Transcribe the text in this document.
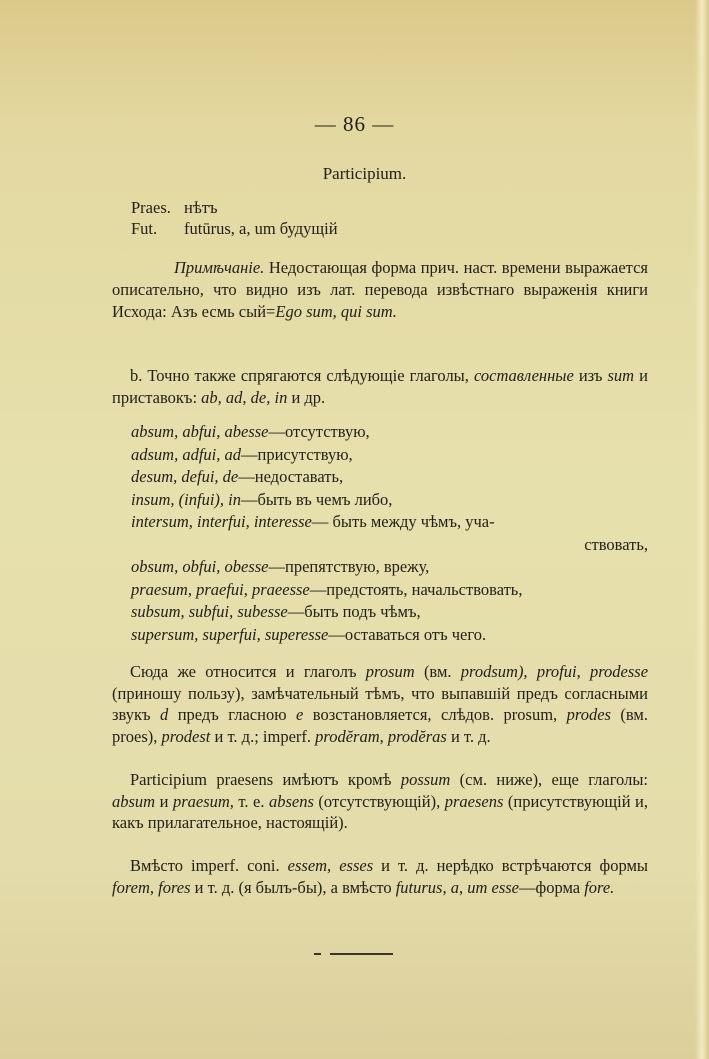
— 86 —
Participium.
Praes. нѣтъ
Fut.	futūrus, a, um будущій
Примѣчаніе. Недостающая форма прич. наст. времени выражается описательно, что видно изъ лат. перевода извѣстнаго выраженія книги Исхода: Азъ есмь сый=Ego sum, qui sum.
b. Точно также спрягаются слѣдующіе глаголы, составленные изъ sum и приставокъ: ab, ad, de, in и др.
absum, abfui, abesse—отсутствую,
adsum, adfui, ad—присутствую,
desum, defui, de—недоставать,
insum, (infui), in—быть въ чемъ либо,
intersum, interfui, interesse— быть между чѣмъ, уча-
ствовать,
obsum, obfui, obesse—препятствую, врежу,
praesum, praefui, praeesse—предстоять, начальствовать,
subsum, subfui, subesse—быть подъ чѣмъ,
supersum, superfui, superesse—оставаться отъ чего.
Сюда же относится и глаголъ prosum (вм. prodsum), profui, prodesse (приношу пользу), замѣчательный тѣмъ, что выпавшій предъ согласными звукъ d предъ гласною e возстановляется, слѣдов. prosum, prodes (вм. proes), prodest и т. д.; imperf. prodĕram, prodĕras и т. д.
Participium praesens имѣютъ кромѣ possum (см. ниже), еще глаголы: absum и praesum, т. е. absens (отсутствующій), praesens (присутствующій и, какъ прилагательное, настоящій).
Вмѣсто imperf. coni. essem, esses и т. д. нерѣдко встрѣчаются формы forem, fores и т. д. (я былъ-бы), а вмѣсто futurus, a, um esse—форма fore.
